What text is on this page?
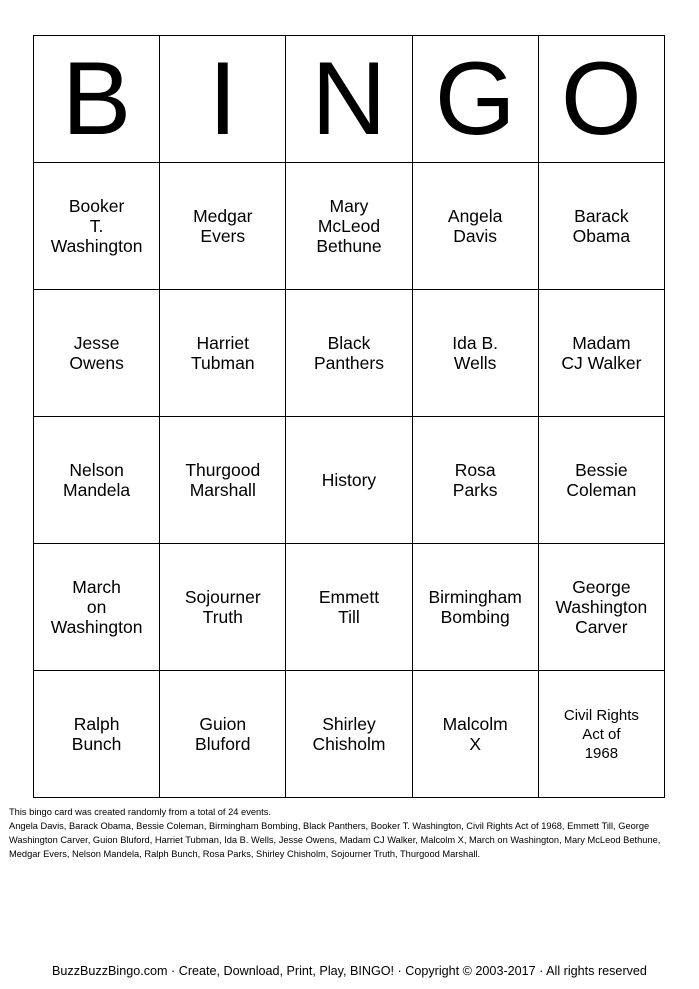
B	I	N	G	O

Booker
T.
Washington	Medgar
Evers	Mary
McLeod
Bethune	Angela
Davis	Barack
Obama

Jesse
Owens	Harriet
Tubman	Black
Panthers	Ida B.
Wells	Madam
CJ Walker

Nelson
Mandela	Thurgood
Marshall	History	Rosa
Parks	Bessie
Coleman

March
on
Washington	Sojourner
Truth	Emmett
Till	Birmingham
Bombing	George
Washington
Carver

Ralph
Bunch	Guion
Bluford	Shirley
Chisholm	Malcolm
X	Civil Rights
Act of
1968

This bingo card was created randomly from a total of 24 events.

Angela Davis, Barack Obama, Bessie Coleman, Birmingham Bombing, Black Panthers, Booker T. Washington, Civil Rights Act of 1968, Emmett Till, George Washington Carver, Guion Bluford, Harriet Tubman, Ida B. Wells, Jesse Owens, Madam CJ Walker, Malcolm X, March on Washington, Mary McLeod Bethune, Medgar Evers, Nelson Mandela, Ralph Bunch, Rosa Parks, Shirley Chisholm, Sojourner Truth, Thurgood Marshall.

BuzzBuzzBingo.com · Create, Download, Print, Play, BINGO! · Copyright © 2003-2017 · All rights reserved
